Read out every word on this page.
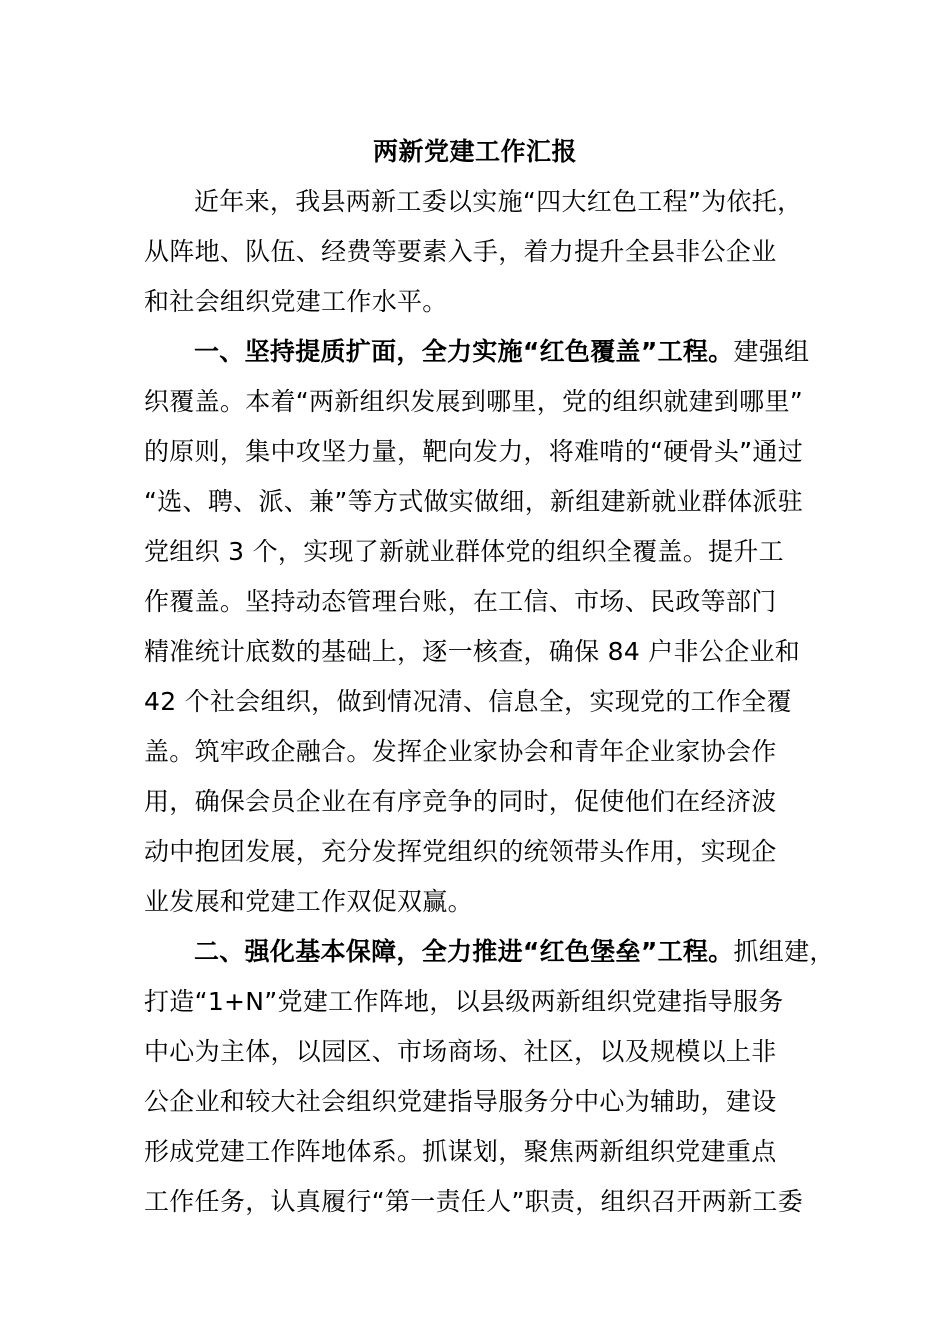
两新党建工作汇报
近年来，我县两新工委以实施“四大红色工程”为依托，
从阵地、队伍、经费等要素入手，着力提升全县非公企业
和社会组织党建工作水平。
一、坚持提质扩面，全力实施“红色覆盖”工程。建强组
织覆盖。本着“两新组织发展到哪里，党的组织就建到哪里”
的原则，集中攻坚力量，靶向发力，将难啃的“硬骨头”通过
“选、聘、派、兼”等方式做实做细，新组建新就业群体派驻
党组织 3 个，实现了新就业群体党的组织全覆盖。提升工
作覆盖。坚持动态管理台账，在工信、市场、民政等部门
精准统计底数的基础上，逐一核查，确保 84 户非公企业和
42 个社会组织，做到情况清、信息全，实现党的工作全覆
盖。筑牢政企融合。发挥企业家协会和青年企业家协会作
用，确保会员企业在有序竞争的同时，促使他们在经济波
动中抱团发展，充分发挥党组织的统领带头作用，实现企
业发展和党建工作双促双赢。
二、强化基本保障，全力推进“红色堡垒”工程。抓组建，
打造“1+N”党建工作阵地，以县级两新组织党建指导服务
中心为主体，以园区、市场商场、社区，以及规模以上非
公企业和较大社会组织党建指导服务分中心为辅助，建设
形成党建工作阵地体系。抓谋划，聚焦两新组织党建重点
工作任务，认真履行“第一责任人”职责，组织召开两新工委
